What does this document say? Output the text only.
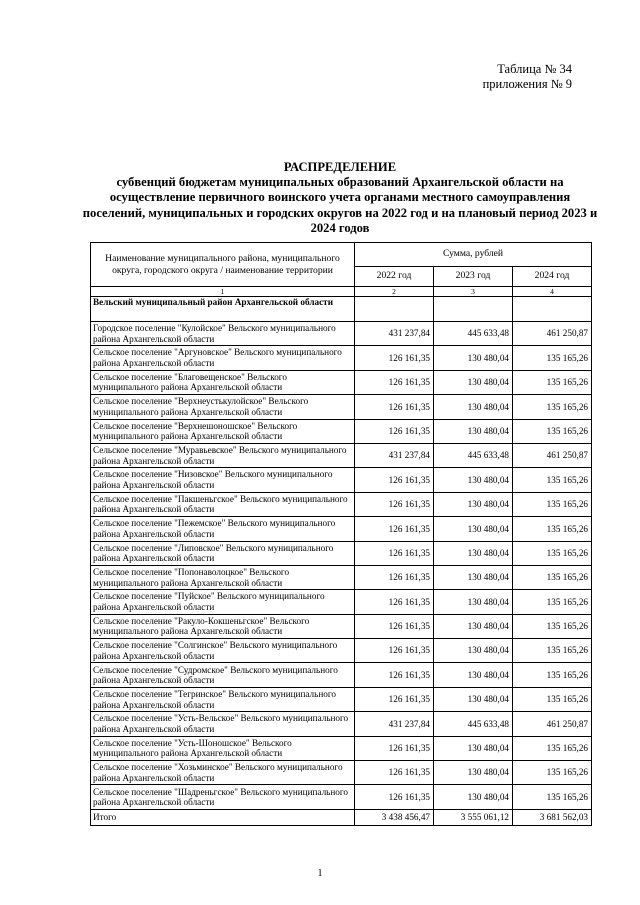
Таблица № 34
приложения № 9
РАСПРЕДЕЛЕНИЕ
субвенций бюджетам муниципальных образований Архангельской области на осуществление первичного воинского учета органами местного самоуправления поселений, муниципальных и городских округов на 2022 год и на плановый период 2023 и 2024 годов
Наименование муниципального района, муниципального округа, городского округа / наименование территории	Сумма, рублей		
	2022 год	2023 год	2024 год
1	2	3	4
Вельский муниципальный район Архангельской области			
Городское поселение "Кулойское" Вельского муниципального района Архангельской области	431 237,84	445 633,48	461 250,87
Сельское поселение "Аргуновское" Вельского муниципального района Архангельской области	126 161,35	130 480,04	135 165,26
Сельское поселение "Благовещенское" Вельского муниципального района Архангельской области	126 161,35	130 480,04	135 165,26
Сельское поселение "Верхнеустькулойское" Вельского муниципального района Архангельской области	126 161,35	130 480,04	135 165,26
Сельское поселение "Верхнешоношское" Вельского муниципального района Архангельской области	126 161,35	130 480,04	135 165,26
Сельское поселение "Муравьевское" Вельского муниципального района Архангельской области	431 237,84	445 633,48	461 250,87
Сельское поселение "Низовское" Вельского муниципального района Архангельской области	126 161,35	130 480,04	135 165,26
Сельское поселение "Пакшеньгское" Вельского муниципального района Архангельской области	126 161,35	130 480,04	135 165,26
Сельское поселение "Пежемское" Вельского муниципального района Архангельской области	126 161,35	130 480,04	135 165,26
Сельское поселение "Липовское" Вельского муниципального района Архангельской области	126 161,35	130 480,04	135 165,26
Сельское поселение "Попонаволоцкое" Вельского муниципального района Архангельской области	126 161,35	130 480,04	135 165,26
Сельское поселение "Пуйское" Вельского муниципального района Архангельской области	126 161,35	130 480,04	135 165,26
Сельское поселение "Ракуло-Кокшеньгское" Вельского муниципального района Архангельской области	126 161,35	130 480,04	135 165,26
Сельское поселение "Солгинское" Вельского муниципального района Архангельской области	126 161,35	130 480,04	135 165,26
Сельское поселение "Судромское" Вельского муниципального района Архангельской области	126 161,35	130 480,04	135 165,26
Сельское поселение "Тегринское" Вельского муниципального района Архангельской области	126 161,35	130 480,04	135 165,26
Сельское поселение "Усть-Вельское" Вельского муниципального района Архангельской области	431 237,84	445 633,48	461 250,87
Сельское поселение "Усть-Шоношское" Вельского муниципального района Архангельской области	126 161,35	130 480,04	135 165,26
Сельское поселение "Хозьминское" Вельского муниципального района Архангельской области	126 161,35	130 480,04	135 165,26
Сельское поселение "Шадреньгское" Вельского муниципального района Архангельской области	126 161,35	130 480,04	135 165,26
Итого	3 438 456,47	3 555 061,12	3 681 562,03
1
